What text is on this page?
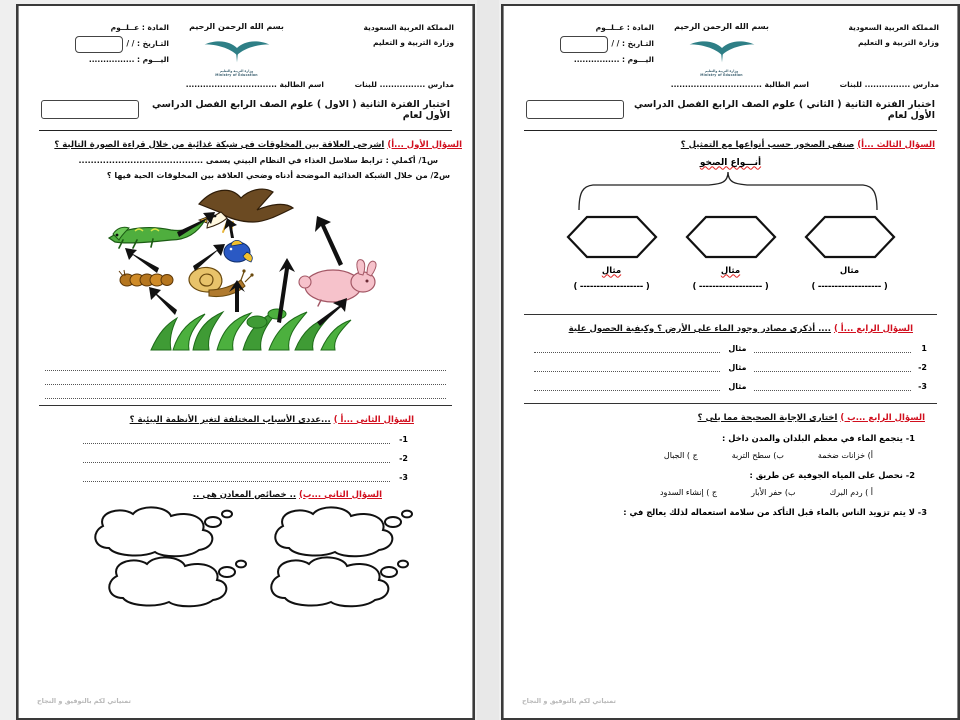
المملكة العربية السعودية
وزارة التربية و التعليم
بسم الله الرحمن الرحيم
وزارة التربية والتعليم
Ministry of Education
المادة : عــلــوم
التـاريخ : / /
اليـــوم : ................
مدارس ................ للبنات
اسم الطالبة ................................
اختبار الفترة الثانية ( الثاني ) علوم الصف الرابع الفصل الدراسي الأول لعام
السؤال الثالث ...أ) صنفى الصخور حسب أنواعها مع التمثيل ؟
أنـــواع الصخو
مثال
( ------------------- )
مثال
( ------------------- )
مثال
( ------------------- )
السؤال الرابع ...أ ) .... أذكرى مصادر وجود الماء على الأرض ؟ وكيفية الحصول علية
1
مثال
2-
مثال
3-
مثال
السؤال الرابع ...ب ) اختارى الإجابة الصحيحة مما يلى ؟
1- يتجمع الماء في معظم البلدان والمدن داخل :
أ) خزانات ضخمة
ب) سطح التربة
ج ) الجبال
2- نحصل على المياه الجوفية عن طريق :
أ ) ردم البرك
ب) حفر الأبار
ج ) إنشاء السدود
3- لا يتم تزويد الناس بالماء قبل التأكد من سلامة استعماله لذلك يعالج في :
تمنياتي لكم بالتوفيق و النجاح
المملكة العربية السعودية
وزارة التربية و التعليم
بسم الله الرحمن الرحيم
وزارة التربية والتعليم
Ministry of Education
المادة : عــلــوم
التـاريخ : / /
اليـــوم : ................
مدارس ................ للبنات
اسم الطالبة ................................
اختبار الفترة الثانية ( الاول ) علوم الصف الرابع الفصل الدراسي الأول لعام
السؤال الأول ...أ) اشرحى العلاقة بين المخلوقات فى شبكة غذائية من خلال قراءة الصورة التالية ؟
س1/ أكملي : ترابط سلاسل الغذاء في النظام البيني يسمى .........................................
س2/ من خلال الشبكة الغذائية الموضحة أدناه وضحي العلاقة بين المخلوقات الحية فيها ؟
السؤال الثانى ...أ ) ...عددى الأسباب المختلفة لتغير الأنظمة البيئية ؟
1-
2-
3-
السؤال الثانى ...ب) .. خصائص المعادن هى ..
تمنياتي لكم بالتوفيق و النجاح
